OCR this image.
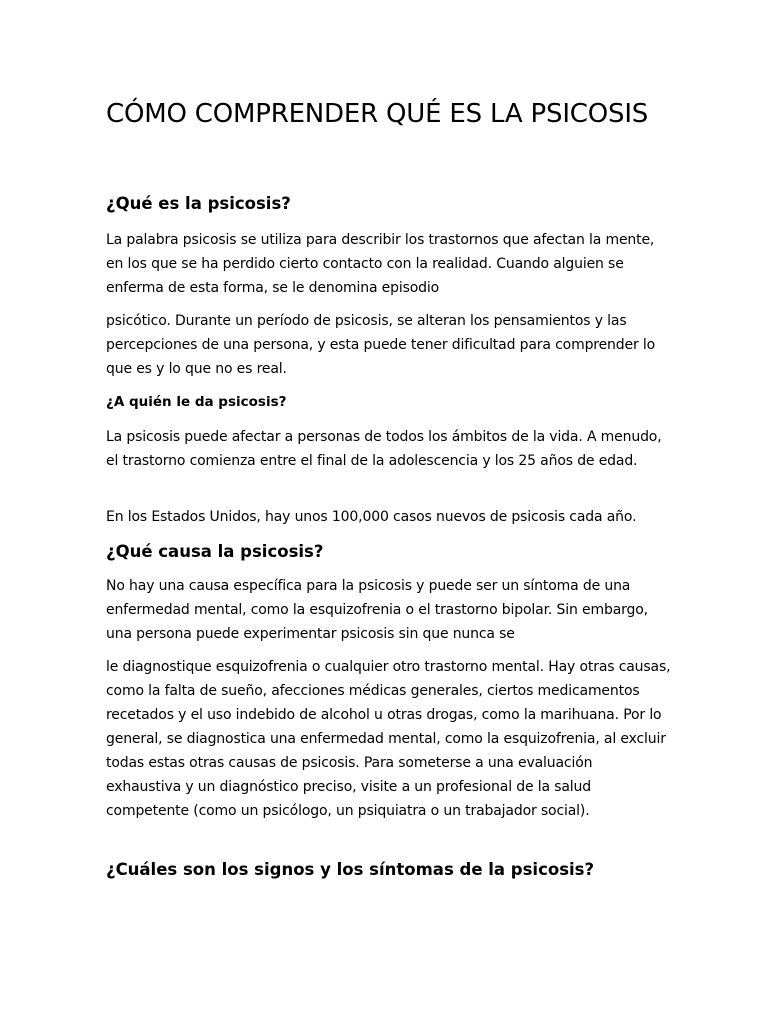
CÓMO COMPRENDER QUÉ ES LA PSICOSIS
¿Qué es la psicosis?

La palabra psicosis se utiliza para describir los trastornos que afectan la mente, en los que se ha perdido cierto contacto con la realidad. Cuando alguien se enferma de esta forma, se le denomina episodio

psicótico. Durante un período de psicosis, se alteran los pensamientos y las percepciones de una persona, y esta puede tener dificultad para comprender lo que es y lo que no es real.

¿A quién le da psicosis?

La psicosis puede afectar a personas de todos los ámbitos de la vida. A menudo, el trastorno comienza entre el final de la adolescencia y los 25 años de edad.

En los Estados Unidos, hay unos 100,000 casos nuevos de psicosis cada año.

¿Qué causa la psicosis?

No hay una causa específica para la psicosis y puede ser un síntoma de una enfermedad mental, como la esquizofrenia o el trastorno bipolar. Sin embargo, una persona puede experimentar psicosis sin que nunca se

le diagnostique esquizofrenia o cualquier otro trastorno mental. Hay otras causas, como la falta de sueño, afecciones médicas generales, ciertos medicamentos recetados y el uso indebido de alcohol u otras drogas, como la marihuana. Por lo general, se diagnostica una enfermedad mental, como la esquizofrenia, al excluir todas estas otras causas de psicosis. Para someterse a una evaluación exhaustiva y un diagnóstico preciso, visite a un profesional de la salud competente (como un psicólogo, un psiquiatra o un trabajador social).

¿Cuáles son los signos y los síntomas de la psicosis?
